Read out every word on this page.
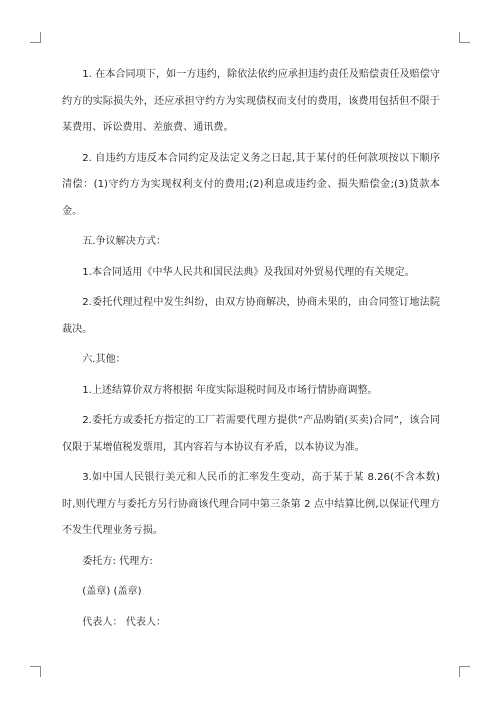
1. 在本合同项下，如一方违约，除依法依约应承担违约责任及赔偿责任及赔偿守约方的实际损失外，还应承担守约方为实现债权而支付的费用，该费用包括但不限于某费用、诉讼费用、差旅费、通讯费。

2. 自违约方违反本合同约定及法定义务之日起,其于某付的任何款项按以下顺序清偿：(1)守约方为实现权利支付的费用;(2)利息或违约金、损失赔偿金;(3)货款本金。

五.争议解决方式：

1.本合同适用《中华人民共和国民法典》及我国对外贸易代理的有关规定。

2.委托代理过程中发生纠纷，由双方协商解决，协商未果的，由合同签订地法院裁决。

六.其他：

1.上述结算价双方将根据 年度实际退税时间及市场行情协商调整。

2.委托方或委托方指定的工厂若需要代理方提供“产品购销(买卖)合同”，该合同仅限于某增值税发票用，其内容若与本协议有矛盾，以本协议为准。

3.如中国人民银行美元和人民币的汇率发生变动，高于某于某 8.26(不含本数)时,则代理方与委托方另行协商该代理合同中第三条第 2 点中结算比例,以保证代理方不发生代理业务亏损。

委托方: 代理方:

(盖章) (盖章)

代表人： 代表人：
